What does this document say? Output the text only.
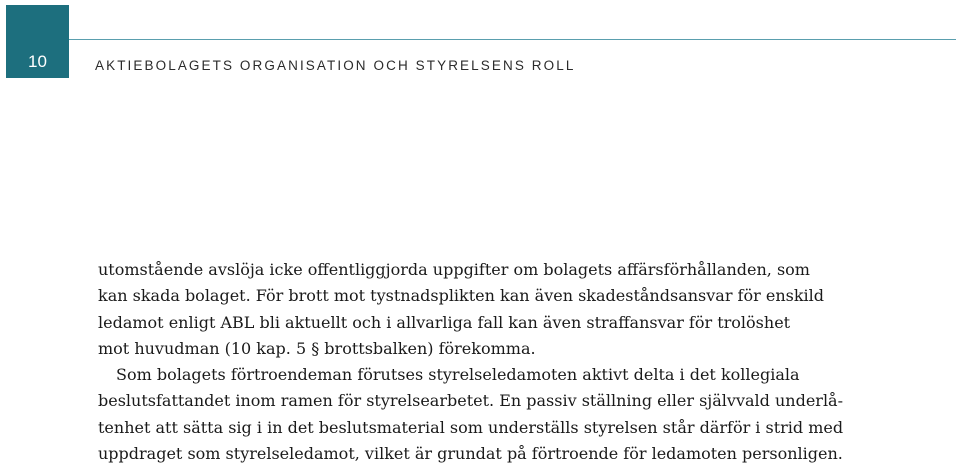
10	AKTIEBOLAGETS ORGANISATION OCH STYRELSENS ROLL
utomstående avslöja icke offentliggjorda uppgifter om bolagets affärsförhållanden, som
kan skada bolaget. För brott mot tystnadsplikten kan även skadeståndsansvar för enskild
ledamot enligt ABL bli aktuellt och i allvarliga fall kan även straffansvar för trolöshet
mot huvudman (10 kap. 5 § brottsbalken) förekomma.
Som bolagets förtroendeman förutses styrelseledamoten aktivt delta i det kollegiala
beslutsfattandet inom ramen för styrelsearbetet. En passiv ställning eller självvald underlå-
tenhet att sätta sig i in det beslutsmaterial som underställs styrelsen står därför i strid med
uppdraget som styrelseledamot, vilket är grundat på förtroende för ledamoten personligen.
